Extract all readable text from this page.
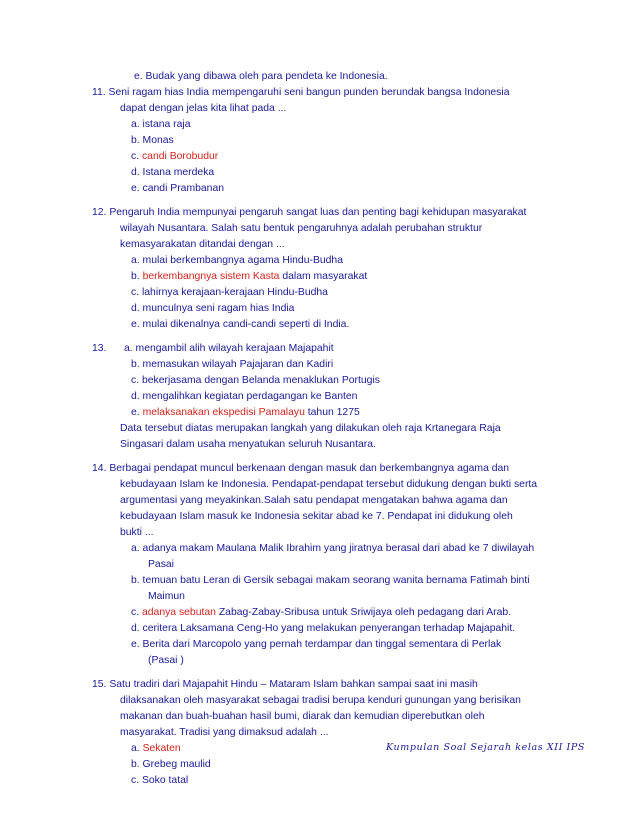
e. Budak yang dibawa oleh para pendeta ke Indonesia.
11. Seni ragam hias India mempengaruhi seni bangun punden berundak bangsa Indonesia
dapat dengan jelas kita lihat pada ...
a. istana raja
b. Monas
c. candi Borobudur
d. Istana merdeka
e. candi Prambanan
12. Pengaruh India mempunyai pengaruh sangat luas dan penting bagi kehidupan masyarakat
wilayah Nusantara. Salah satu bentuk pengaruhnya adalah perubahan struktur
kemasyarakatan ditandai dengan ...
a. mulai berkembangnya agama Hindu-Budha
b. berkembangnya sistem Kasta dalam masyarakat
c. lahirnya kerajaan-kerajaan Hindu-Budha
d. munculnya seni ragam hias India
e. mulai dikenalnya candi-candi seperti di India.
13. a. mengambil alih wilayah kerajaan Majapahit
b. memasukan wilayah Pajajaran dan Kadiri
c. bekerjasama dengan Belanda menaklukan Portugis
d. mengalihkan kegiatan perdagangan ke Banten
e. melaksanakan ekspedisi Pamalayu tahun 1275
Data tersebut diatas merupakan langkah yang dilakukan oleh raja Krtanegara Raja
Singasari dalam usaha menyatukan seluruh Nusantara.
14. Berbagai pendapat muncul berkenaan dengan masuk dan berkembangnya agama dan
kebudayaan Islam ke Indonesia. Pendapat-pendapat tersebut didukung dengan bukti serta
argumentasi yang meyakinkan.Salah satu pendapat mengatakan bahwa agama dan
kebudayaan Islam masuk ke Indonesia sekitar abad ke 7. Pendapat ini didukung oleh
bukti ...
a. adanya makam Maulana Malik Ibrahim yang jiratnya berasal dari abad ke 7 diwilayah
Pasai
b. temuan batu Leran di Gersik sebagai makam seorang wanita bernama Fatimah binti
Maimun
c. adanya sebutan Zabag-Zabay-Sribusa untuk Sriwijaya oleh pedagang dari Arab.
d. ceritera Laksamana Ceng-Ho yang melakukan penyerangan terhadap Majapahit.
e. Berita dari Marcopolo yang pernah terdampar dan tinggal sementara di Perlak
(Pasai )
15. Satu tradiri dari Majapahit Hindu – Mataram Islam bahkan sampai saat ini masih
dilaksanakan oleh masyarakat sebagai tradisi berupa kenduri gunungan yang berisikan
makanan dan buah-buahan hasil bumi, diarak dan kemudian diperebutkan oleh
masyarakat. Tradisi yang dimaksud adalah ...
a. Sekaten
b. Grebeg maulid
c. Soko tatal
Kumpulan Soal Sejarah kelas XII IPS
